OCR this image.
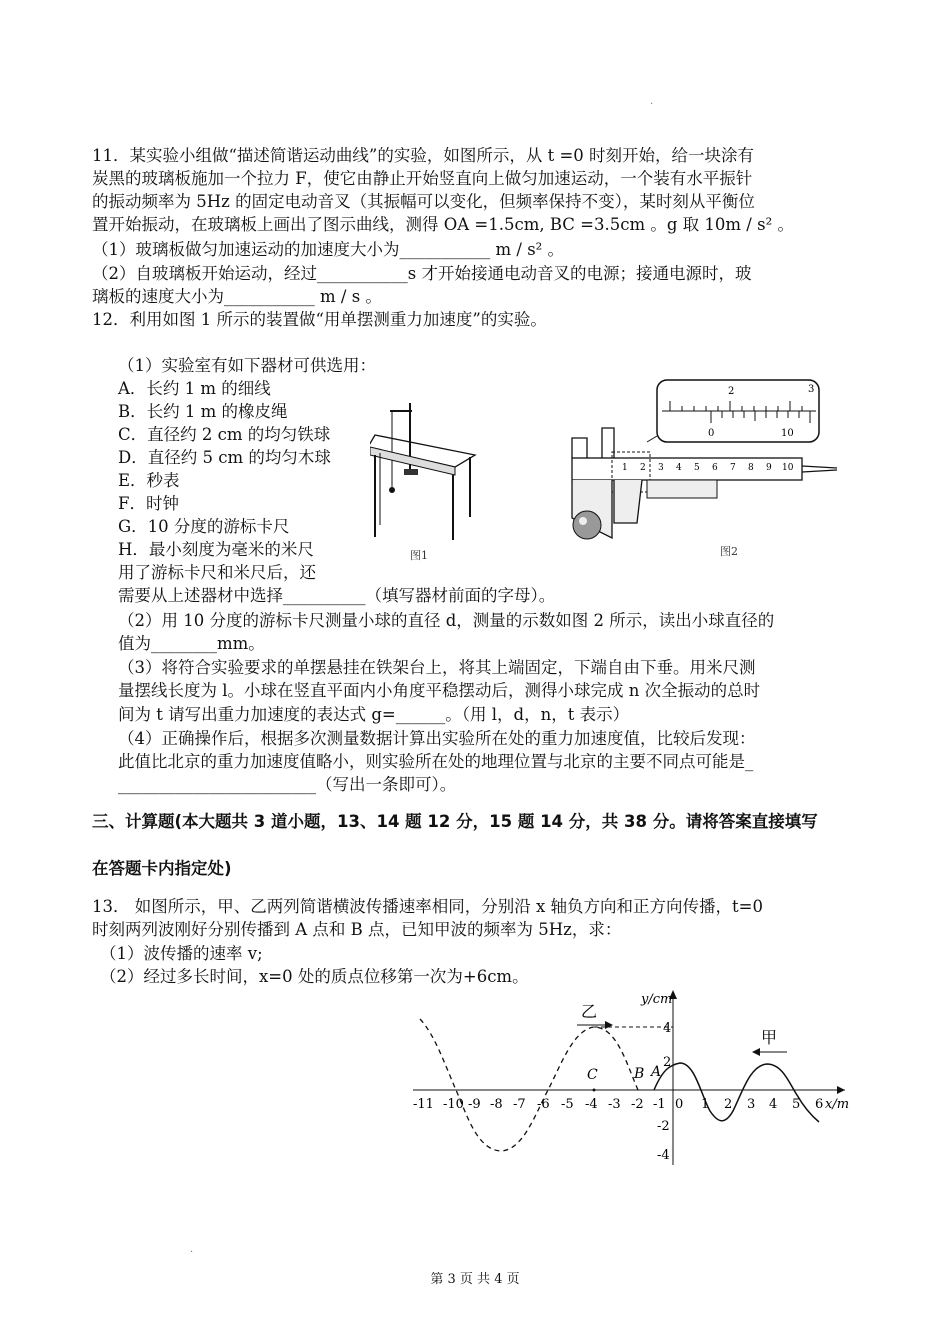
.
11．某实验小组做“描述简谐运动曲线”的实验，如图所示，从 t =0 时刻开始，给一块涂有
炭黑的玻璃板施加一个拉力 F，使它由静止开始竖直向上做匀加速运动，一个装有水平振针
的振动频率为 5Hz 的固定电动音叉（其振幅可以变化，但频率保持不变），某时刻从平衡位
置开始振动，在玻璃板上画出了图示曲线，测得 OA =1.5cm, BC =3.5cm 。g 取 10m / s² 。
（1）玻璃板做匀加速运动的加速度大小为___________ m / s² 。
（2）自玻璃板开始运动，经过___________s 才开始接通电动音叉的电源；接通电源时，玻
璃板的速度大小为___________ m / s 。
12．利用如图 1 所示的装置做“用单摆测重力加速度”的实验。
（1）实验室有如下器材可供选用：
A．长约 1 m 的细线
B．长约 1 m 的橡皮绳
C．直径约 2 cm 的均匀铁球
D．直径约 5 cm 的均匀木球
E．秒表
F．时钟
G．10 分度的游标卡尺
H．最小刻度为毫米的米尺
用了游标卡尺和米尺后，还
需要从上述器材中选择__________（填写器材前面的字母）。
（2）用 10 分度的游标卡尺测量小球的直径 d，测量的示数如图 2 所示，读出小球直径的
值为________mm。
（3）将符合实验要求的单摆悬挂在铁架台上，将其上端固定，下端自由下垂。用米尺测
量摆线长度为 l。小球在竖直平面内小角度平稳摆动后，测得小球完成 n 次全振动的总时
间为 t 请写出重力加速度的表达式 g=______。（用 l，d，n，t 表示）
（4）正确操作后，根据多次测量数据计算出实验所在处的重力加速度值，比较后发现：
此值比北京的重力加速度值略小，则实验所在处的地理位置与北京的主要不同点可能是_
________________________（写出一条即可）。
图1
2	3
0	10
1 2 3 4 5 6 7 8 9 10
图2
三、计算题(本大题共 3 道小题，13、14 题 12 分，15 题 14 分，共 38 分。请将答案直接填写
在答题卡内指定处)
13． 如图所示，甲、乙两列简谐横波传播速率相同，分别沿 x 轴负方向和正方向传播，t=0
时刻两列波刚好分别传播到 A 点和 B 点，已知甲波的频率为 5Hz，求：
（1）波传播的速率 v;
（2）经过多长时间，x=0 处的质点位移第一次为+6cm。
y/cm
x/m
乙
甲
C	B A
-11 -10 -9 -8 -7 -6 -5 -4 -3 -2 -1 0 1 2 3 4 5 6
4
2
-2
-4
.
第 3 页 共 4 页
